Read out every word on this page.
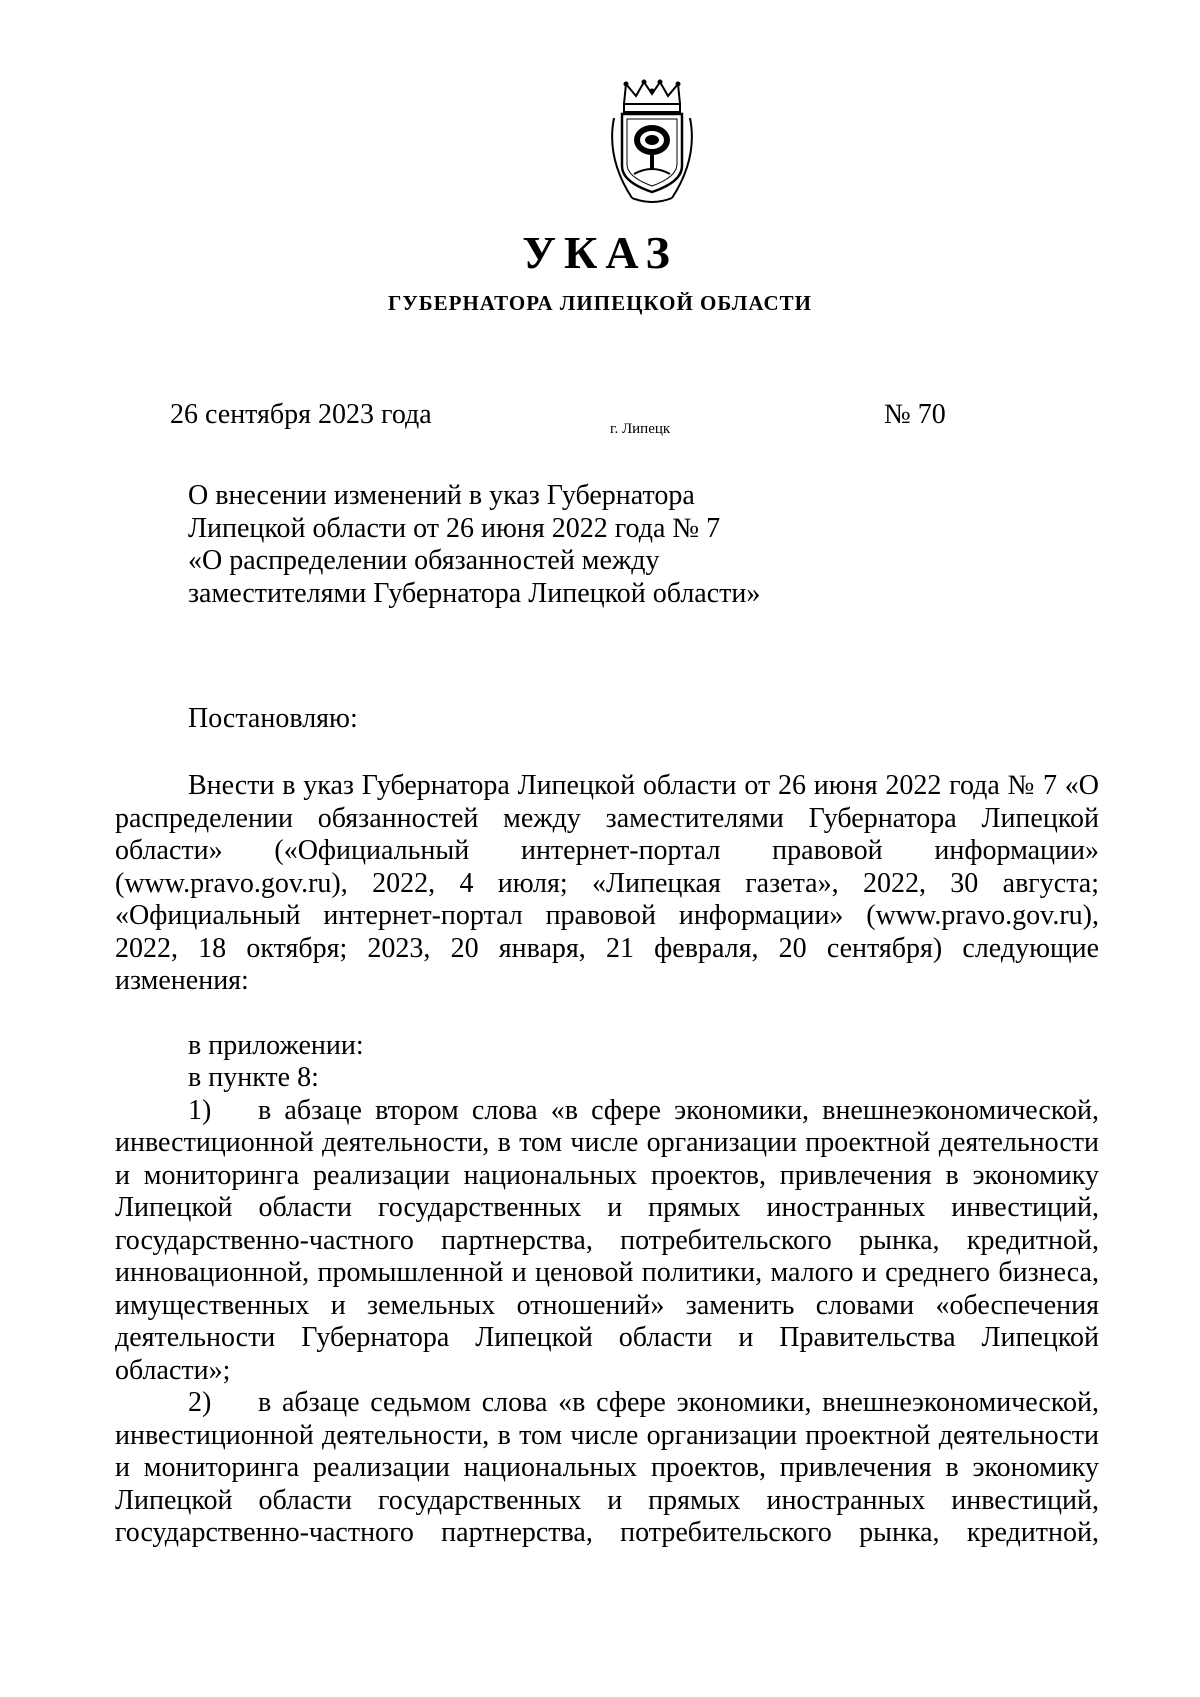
УКАЗ
ГУБЕРНАТОРА ЛИПЕЦКОЙ ОБЛАСТИ
26 сентября 2023 года	г. Липецк	№ 70
О внесении изменений в указ Губернатора
Липецкой области от 26 июня 2022 года № 7
«О распределении обязанностей между
заместителями Губернатора Липецкой области»
Постановляю:
Внести в указ Губернатора Липецкой области от 26 июня 2022 года № 7 «О
распределении обязанностей между заместителями Губернатора Липецкой
области» («Официальный интернет-портал правовой информации»
(www.pravo.gov.ru), 2022, 4 июля; «Липецкая газета», 2022, 30 августа;
«Официальный интернет-портал правовой информации» (www.pravo.gov.ru),
2022, 18 октября; 2023, 20 января, 21 февраля, 20 сентября) следующие
изменения:
в приложении:
в пункте 8:
1)	в абзаце втором слова «в сфере экономики, внешнеэкономической,
инвестиционной деятельности, в том числе организации проектной деятельности
и мониторинга реализации национальных проектов, привлечения в экономику
Липецкой области государственных и прямых иностранных инвестиций,
государственно-частного партнерства, потребительского рынка, кредитной,
инновационной, промышленной и ценовой политики, малого и среднего бизнеса,
имущественных и земельных отношений» заменить словами «обеспечения
деятельности Губернатора Липецкой области и Правительства Липецкой
области»;
2)	в абзаце седьмом слова «в сфере экономики, внешнеэкономической,
инвестиционной деятельности, в том числе организации проектной деятельности
и мониторинга реализации национальных проектов, привлечения в экономику
Липецкой области государственных и прямых иностранных инвестиций,
государственно-частного партнерства, потребительского рынка, кредитной,
